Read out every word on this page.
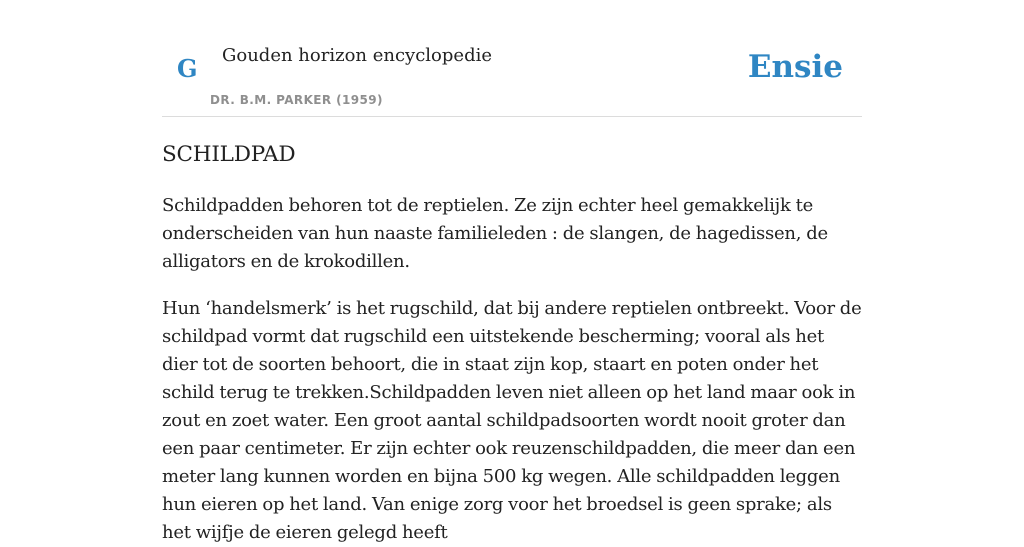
G Gouden horizon encyclopedie
DR. B.M. PARKER (1959)
Ensie
SCHILDPAD

Schildpadden behoren tot de reptielen. Ze zijn echter heel gemakkelijk te onderscheiden van hun naaste familieleden : de slangen, de hagedissen, de alligators en de krokodillen.

Hun ‘handelsmerk’ is het rugschild, dat bij andere reptielen ontbreekt. Voor de schildpad vormt dat rugschild een uitstekende bescherming; vooral als het dier tot de soorten behoort, die in staat zijn kop, staart en poten onder het schild terug te trekken.Schildpadden leven niet alleen op het land maar ook in zout en zoet water. Een groot aantal schildpadsoorten wordt nooit groter dan een paar centimeter. Er zijn echter ook reuzenschildpadden, die meer dan een meter lang kunnen worden en bijna 500 kg wegen. Alle schildpadden leggen hun eieren op het land. Van enige zorg voor het broedsel is geen sprake; als het wijfje de eieren gelegd heeft
